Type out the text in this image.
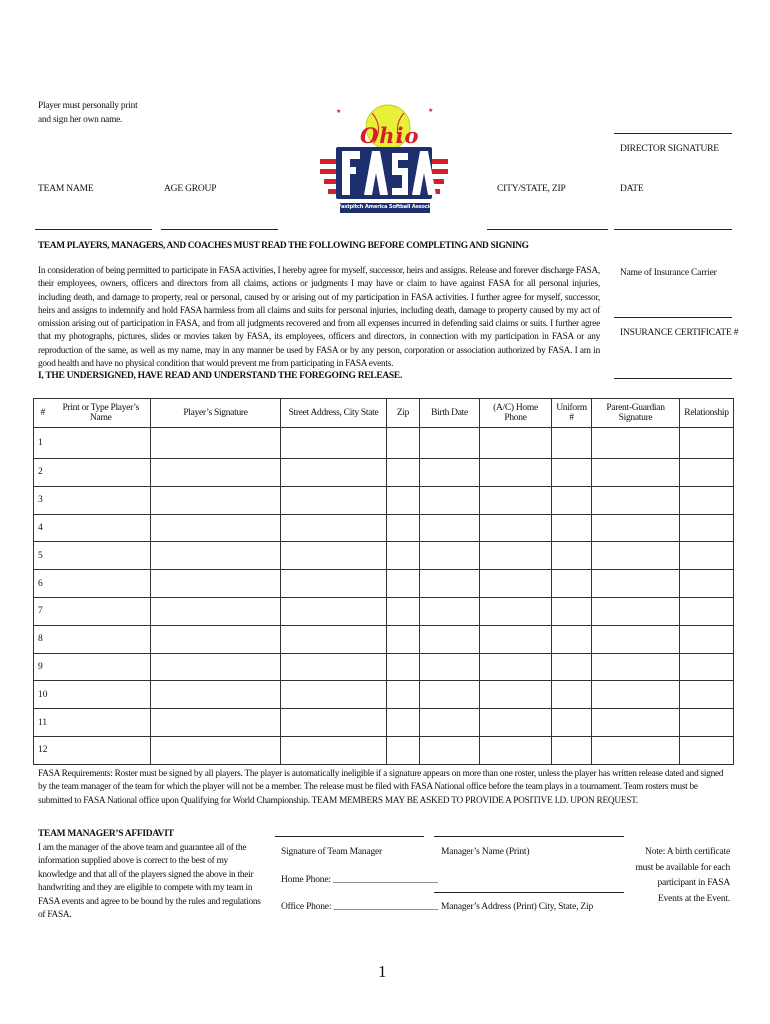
Player must personally print and sign her own name.
DIRECTOR SIGNATURE
TEAM NAME	AGE GROUP	CITY/STATE, ZIP	DATE
★
★
Ohio
Fastpitch America Softball Association
TEAM PLAYERS, MANAGERS, AND COACHES MUST READ THE FOLLOWING BEFORE COMPLETING AND SIGNING
In consideration of being permitted to participate in FASA activities, I hereby agree for myself, successor, heirs and assigns. Release and forever discharge FASA, their employees, owners, officers and directors from all claims, actions or judgments I may have or claim to have against FASA for all personal injuries, including death, and damage to property, real or personal, caused by or arising out of my participation in FASA activities. I further agree for myself, successor, heirs and assigns to indemnify and hold FASA harmless from all claims and suits for personal injuries, including death, damage to property caused by my act of omission arising out of participation in FASA, and from all judgments recovered and from all expenses incurred in defending said claims or suits. I further agree that my photographs, pictures, slides or movies taken by FASA, its employees, officers and directors, in connection with my participation in FASA or any reproduction of the same, as well as my name, may in any manner be used by FASA or by any person, corporation or association authorized by FASA. I am in good health and have no physical condition that would prevent me from participating in FASA events.
I, THE UNDERSIGNED, HAVE READ AND UNDERSTAND THE FOREGOING RELEASE.
Name of Insurance Carrier
INSURANCE CERTIFICATE #
#	Print or Type Player’s Name	Player’s Signature	Street Address, City State	Zip	Birth Date	(A/C) Home Phone	Uniform #	Parent-Guardian Signature	Relationship
1									
2									
3									
4									
5									
6									
7									
8									
9									
10									
11									
12									
FASA Requirements: Roster must be signed by all players. The player is automatically ineligible if a signature appears on more than one roster, unless the player has written release dated and signed by the team manager of the team for which the player will not be a member. The release must be filed with FASA National office before the team plays in a tournament. Team rosters must be submitted to FASA National office upon Qualifying for World Championship. TEAM MEMBERS MAY BE ASKED TO PROVIDE A POSITIVE I.D. UPON REQUEST.
TEAM MANAGER’S AFFIDAVIT
I am the manager of the above team and guarantee all of the information supplied above is correct to the best of my knowledge and that all of the players signed the above in their handwriting and they are eligible to compete with my team in FASA events and agree to be bound by the rules and regulations of FASA.
Signature of Team Manager	Manager’s Name (Print)
Home Phone: _______________________
Office Phone: _______________________ Manager’s Address (Print) City, State, Zip
Note: A birth certificate must be available for each participant in FASA Events at the Event.
1
